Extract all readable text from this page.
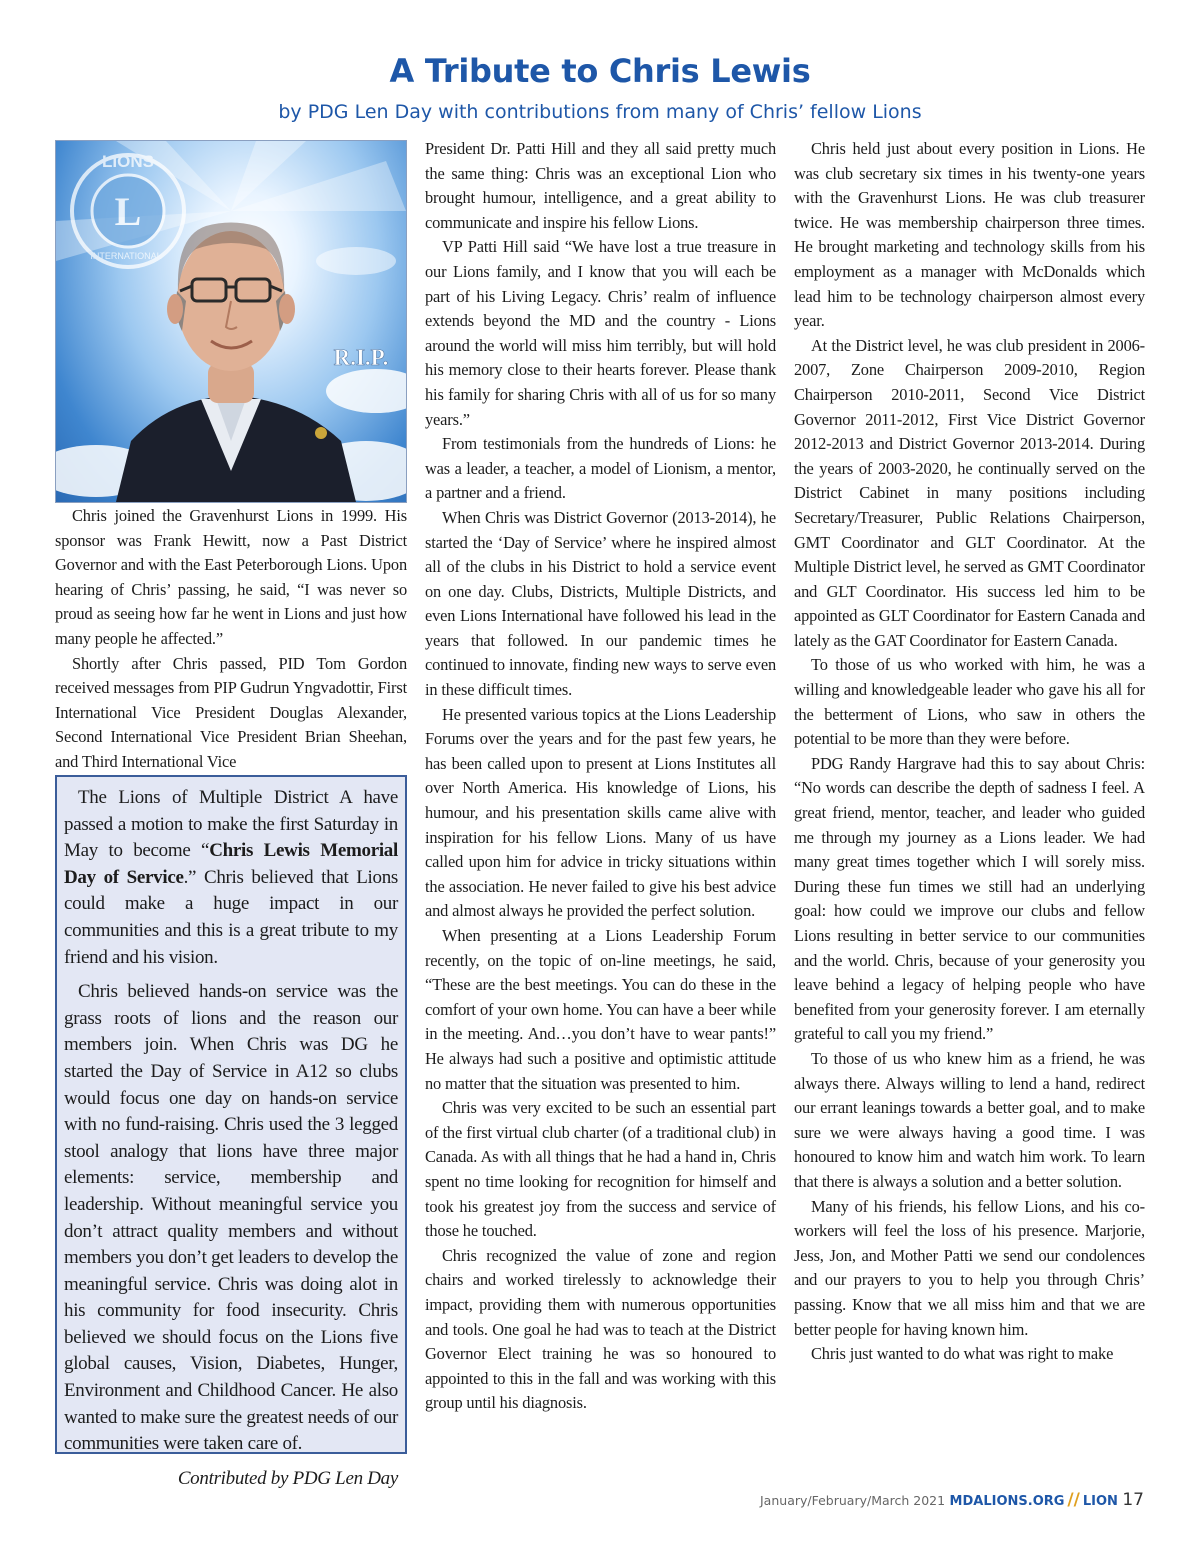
A Tribute to Chris Lewis
by PDG Len Day with contributions from many of Chris’ fellow Lions
L
LIONS
INTERNATIONAL
R.I.P.

Chris joined the Gravenhurst Lions in 1999. His sponsor was Frank Hewitt, now a Past District Governor and with the East Peterborough Lions. Upon hearing of Chris’ passing, he said, “I was never so proud as seeing how far he went in Lions and just how many people he affected.”

Shortly after Chris passed, PID Tom Gordon received messages from PIP Gudrun Yngvadottir, First International Vice President Douglas Alexander, Second International Vice President Brian Sheehan, and Third International Vice

The Lions of Multiple District A have passed a motion to make the first Saturday in May to become “Chris Lewis Memorial Day of Service.” Chris believed that Lions could make a huge impact in our communities and this is a great tribute to my friend and his vision.

Chris believed hands-on service was the grass roots of lions and the reason our members join. When Chris was DG he started the Day of Service in A12 so clubs would focus one day on hands-on service with no fund-raising. Chris used the 3 legged stool analogy that lions have three major elements: service, membership and leadership. Without meaningful service you don’t attract quality members and without members you don’t get leaders to develop the meaningful service. Chris was doing alot in his community for food insecurity. Chris believed we should focus on the Lions five global causes, Vision, Diabetes, Hunger, Environment and Childhood Cancer. He also wanted to make sure the greatest needs of our communities were taken care of.

Contributed by PDG Len Day

President Dr. Patti Hill and they all said pretty much the same thing: Chris was an exceptional Lion who brought humour, intelligence, and a great ability to communicate and inspire his fellow Lions.

VP Patti Hill said “We have lost a true treasure in our Lions family, and I know that you will each be part of his Living Legacy. Chris’ realm of influence extends beyond the MD and the country - Lions around the world will miss him terribly, but will hold his memory close to their hearts forever. Please thank his family for sharing Chris with all of us for so many years.”

From testimonials from the hundreds of Lions: he was a leader, a teacher, a model of Lionism, a mentor, a partner and a friend.

When Chris was District Governor (2013-2014), he started the ‘Day of Service’ where he inspired almost all of the clubs in his District to hold a service event on one day. Clubs, Districts, Multiple Districts, and even Lions International have followed his lead in the years that followed. In our pandemic times he continued to innovate, finding new ways to serve even in these difficult times.

He presented various topics at the Lions Leadership Forums over the years and for the past few years, he has been called upon to present at Lions Institutes all over North America. His knowledge of Lions, his humour, and his presentation skills came alive with inspiration for his fellow Lions. Many of us have called upon him for advice in tricky situations within the association. He never failed to give his best advice and almost always he provided the perfect solution.

When presenting at a Lions Leadership Forum recently, on the topic of on-line meetings, he said, “These are the best meetings. You can do these in the comfort of your own home. You can have a beer while in the meeting. And…you don’t have to wear pants!” He always had such a positive and optimistic attitude no matter that the situation was presented to him.

Chris was very excited to be such an essential part of the first virtual club charter (of a traditional club) in Canada. As with all things that he had a hand in, Chris spent no time looking for recognition for himself and took his greatest joy from the success and service of those he touched.

Chris recognized the value of zone and region chairs and worked tirelessly to acknowledge their impact, providing them with numerous opportunities and tools. One goal he had was to teach at the District Governor Elect training he was so honoured to appointed to this in the fall and was working with this group until his diagnosis.

Chris held just about every position in Lions. He was club secretary six times in his twenty-one years with the Gravenhurst Lions. He was club treasurer twice. He was membership chairperson three times. He brought marketing and technology skills from his employment as a manager with McDonalds which lead him to be technology chairperson almost every year.

At the District level, he was club president in 2006-2007, Zone Chairperson 2009-2010, Region Chairperson 2010-2011, Second Vice District Governor 2011-2012, First Vice District Governor 2012-2013 and District Governor 2013-2014. During the years of 2003-2020, he continually served on the District Cabinet in many positions including Secretary/Treasurer, Public Relations Chairperson, GMT Coordinator and GLT Coordinator. At the Multiple District level, he served as GMT Coordinator and GLT Coordinator. His success led him to be appointed as GLT Coordinator for Eastern Canada and lately as the GAT Coordinator for Eastern Canada.

To those of us who worked with him, he was a willing and knowledgeable leader who gave his all for the betterment of Lions, who saw in others the potential to be more than they were before.

PDG Randy Hargrave had this to say about Chris: “No words can describe the depth of sadness I feel. A great friend, mentor, teacher, and leader who guided me through my journey as a Lions leader. We had many great times together which I will sorely miss. During these fun times we still had an underlying goal: how could we improve our clubs and fellow Lions resulting in better service to our communities and the world. Chris, because of your generosity you leave behind a legacy of helping people who have benefited from your generosity forever. I am eternally grateful to call you my friend.”

To those of us who knew him as a friend, he was always there. Always willing to lend a hand, redirect our errant leanings towards a better goal, and to make sure we were always having a good time. I was honoured to know him and watch him work. To learn that there is always a solution and a better solution.

Many of his friends, his fellow Lions, and his co-workers will feel the loss of his presence. Marjorie, Jess, Jon, and Mother Patti we send our condolences and our prayers to you to help you through Chris’ passing. Know that we all miss him and that we are better people for having known him.

Chris just wanted to do what was right to make

January/February/March 2021 MDALIONS.ORG // LION 17
